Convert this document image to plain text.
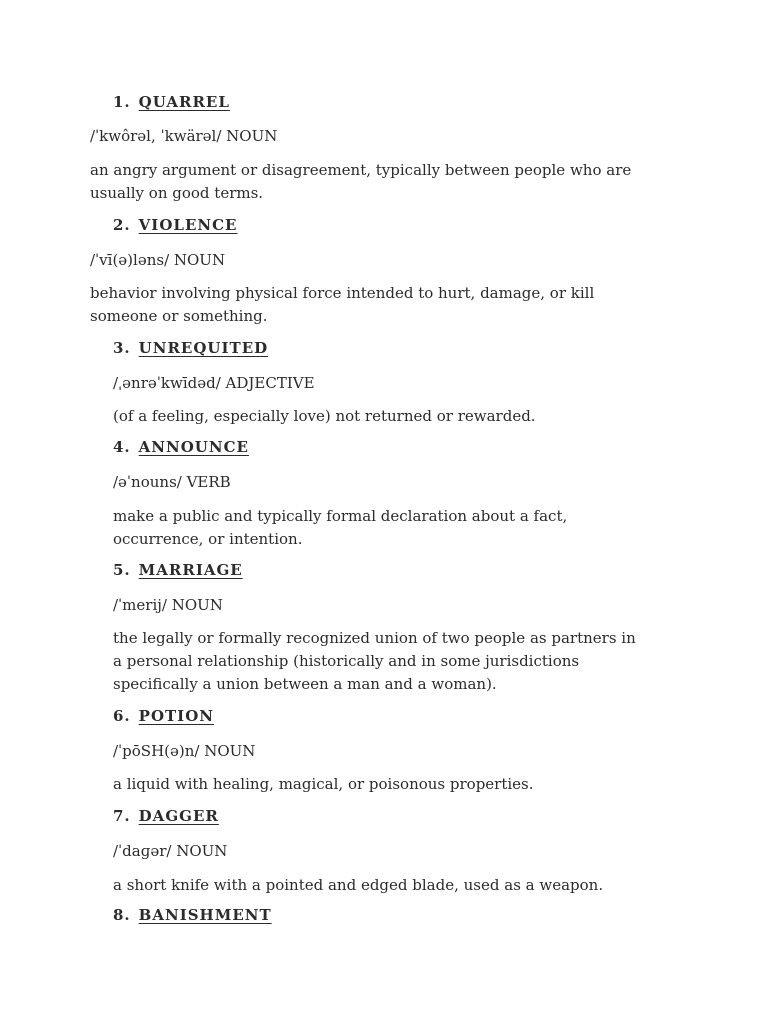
1. QUARREL
/ˈkwôrəl, ˈkwärəl/ NOUN
an angry argument or disagreement, typically between people who are
usually on good terms.
2. VIOLENCE
/ˈvī(ə)ləns/ NOUN
behavior involving physical force intended to hurt, damage, or kill
someone or something.
3. UNREQUITED
/ˌənrəˈkwīdəd/ ADJECTIVE
(of a feeling, especially love) not returned or rewarded.
4. ANNOUNCE
/əˈnouns/ VERB
make a public and typically formal declaration about a fact,
occurrence, or intention.
5. MARRIAGE
/ˈmerij/ NOUN
the legally or formally recognized union of two people as partners in
a personal relationship (historically and in some jurisdictions
specifically a union between a man and a woman).
6. POTION
/ˈpōSH(ə)n/ NOUN
a liquid with healing, magical, or poisonous properties.
7. DAGGER
/ˈdaɡər/ NOUN
a short knife with a pointed and edged blade, used as a weapon.
8. BANISHMENT
